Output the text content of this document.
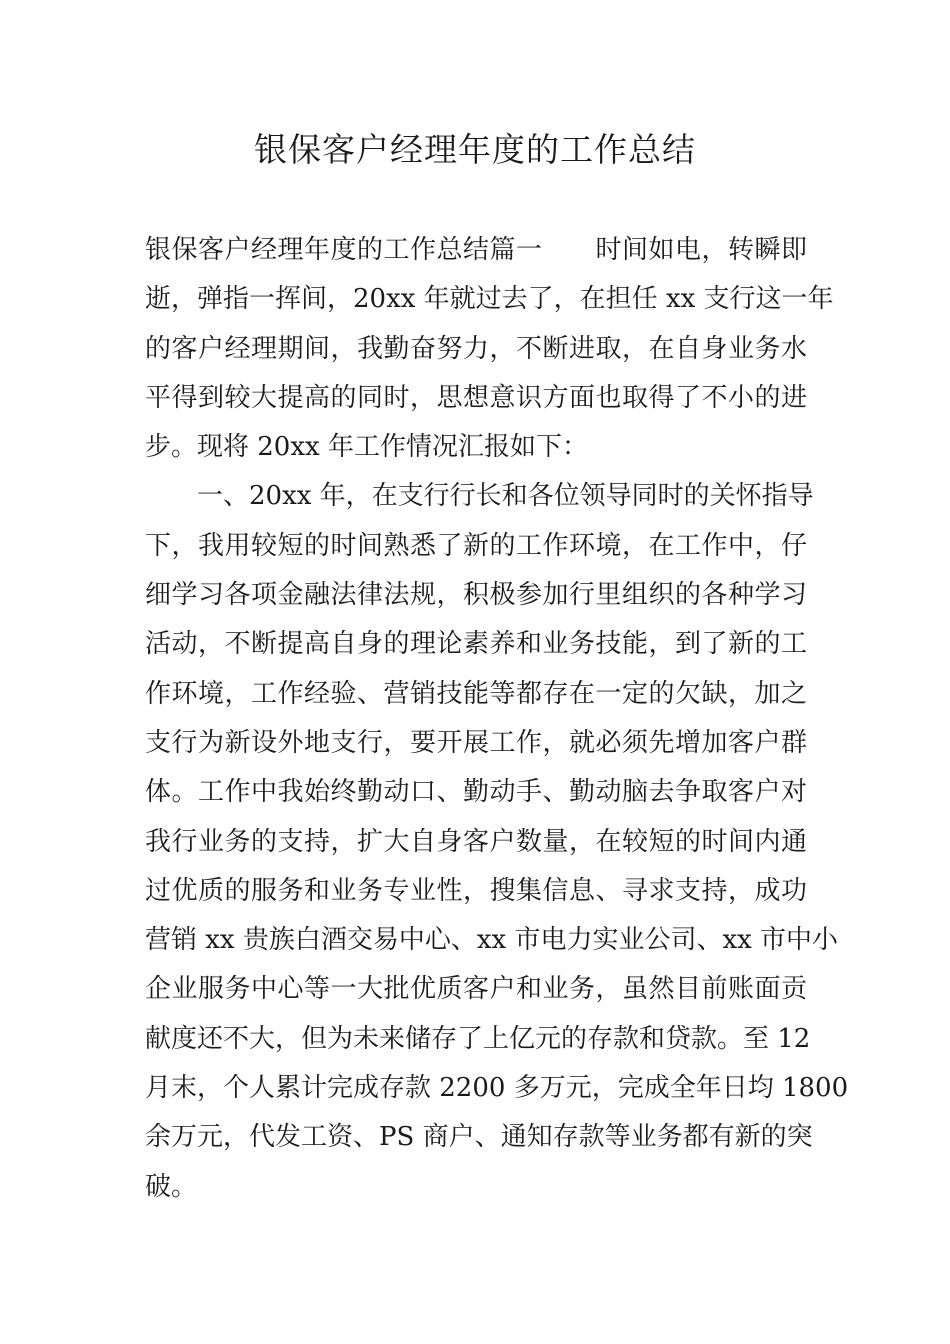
银保客户经理年度的工作总结
银保客户经理年度的工作总结篇一　　时间如电，转瞬即
逝，弹指一挥间，20xx 年就过去了，在担任 xx 支行这一年
的客户经理期间，我勤奋努力，不断进取，在自身业务水
平得到较大提高的同时，思想意识方面也取得了不小的进
步。现将 20xx 年工作情况汇报如下：
一、20xx 年，在支行行长和各位领导同时的关怀指导
下，我用较短的时间熟悉了新的工作环境，在工作中，仔
细学习各项金融法律法规，积极参加行里组织的各种学习
活动，不断提高自身的理论素养和业务技能，到了新的工
作环境，工作经验、营销技能等都存在一定的欠缺，加之
支行为新设外地支行，要开展工作，就必须先增加客户群
体。工作中我始终勤动口、勤动手、勤动脑去争取客户对
我行业务的支持，扩大自身客户数量，在较短的时间内通
过优质的服务和业务专业性，搜集信息、寻求支持，成功
营销 xx 贵族白酒交易中心、xx 市电力实业公司、xx 市中小
企业服务中心等一大批优质客户和业务，虽然目前账面贡
献度还不大，但为未来储存了上亿元的存款和贷款。至 12
月末，个人累计完成存款 2200 多万元，完成全年日均 1800
余万元，代发工资、PS 商户、通知存款等业务都有新的突
破。
